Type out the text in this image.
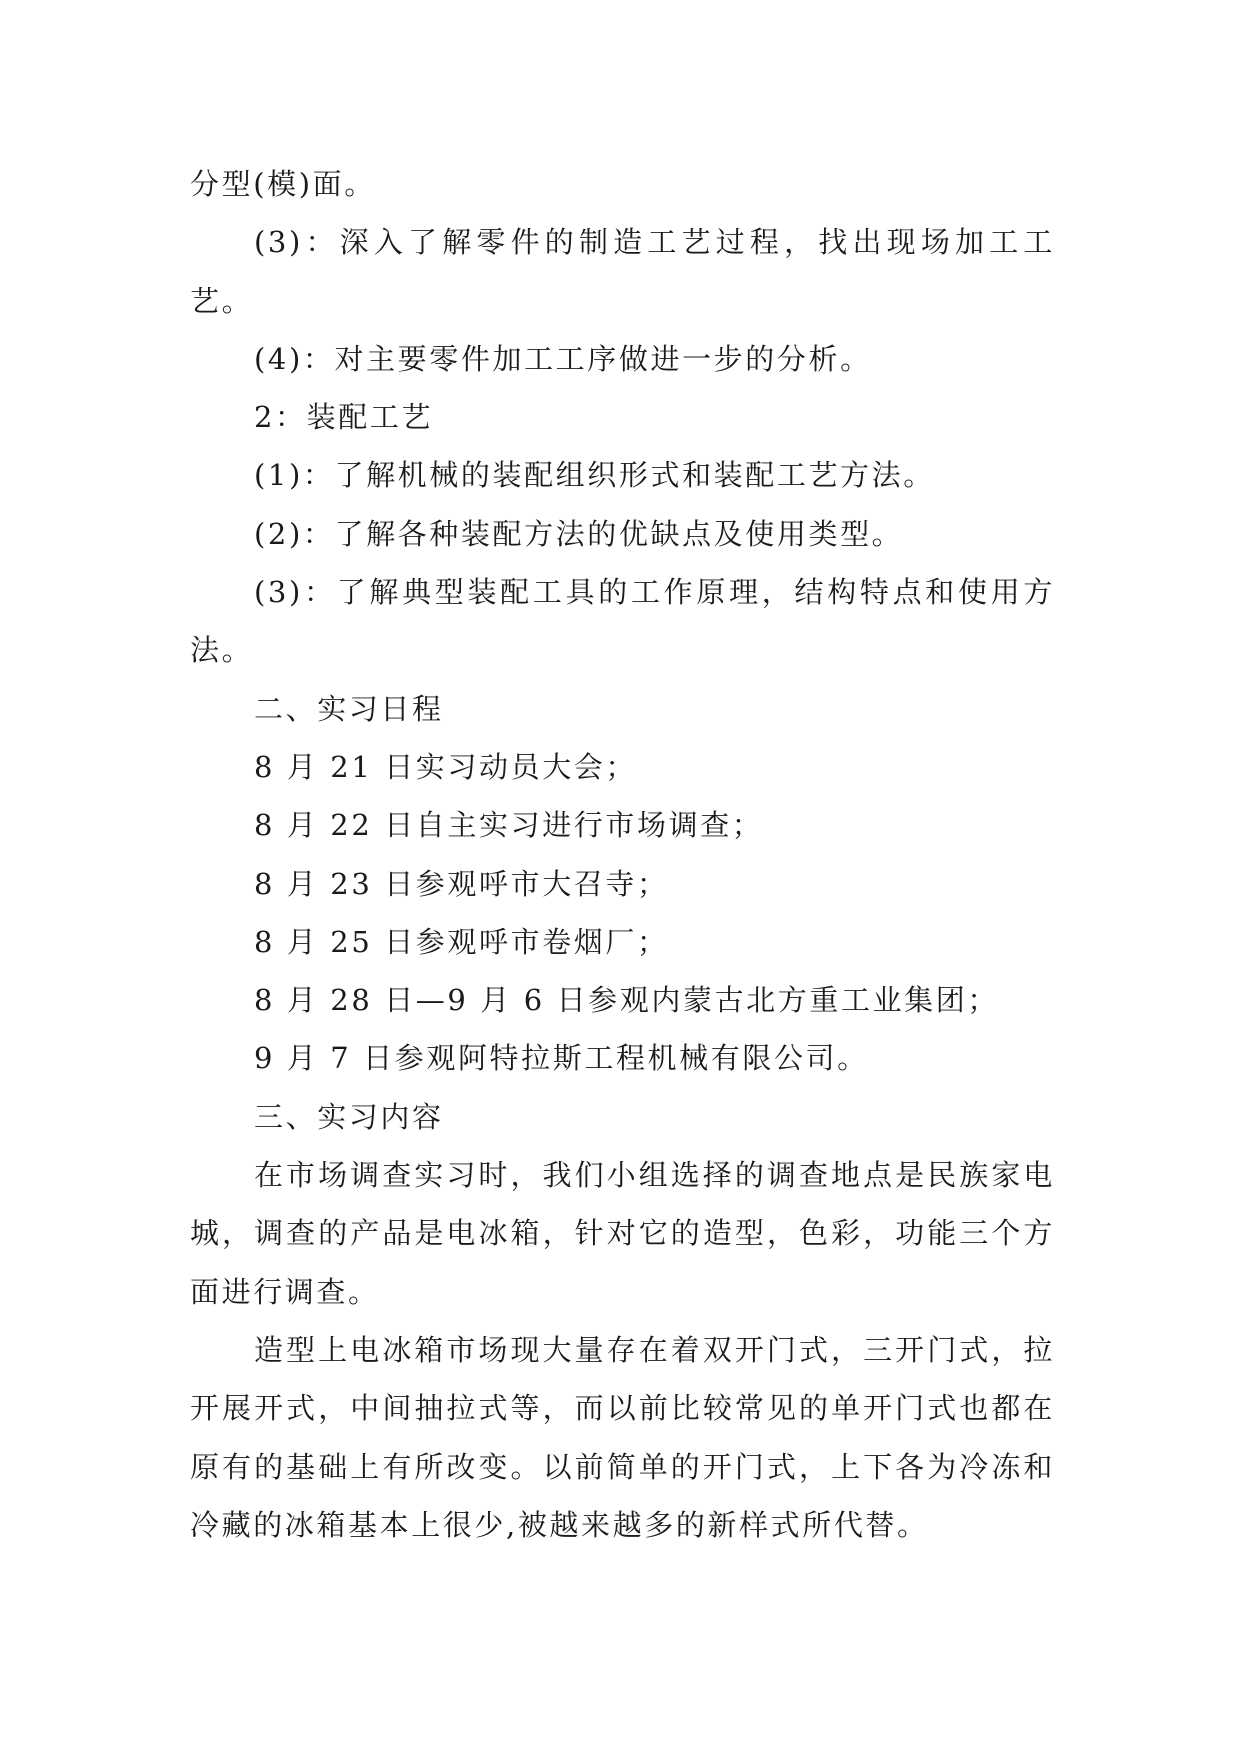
分型(模)面。

(3)：深入了解零件的制造工艺过程，找出现场加工工艺。

(4)：对主要零件加工工序做进一步的分析。

2：装配工艺

(1)：了解机械的装配组织形式和装配工艺方法。

(2)：了解各种装配方法的优缺点及使用类型。

(3)：了解典型装配工具的工作原理，结构特点和使用方法。

二、实习日程

8 月 21 日实习动员大会；

8 月 22 日自主实习进行市场调查；

8 月 23 日参观呼市大召寺；

8 月 25 日参观呼市卷烟厂；

8 月 28 日—9 月 6 日参观内蒙古北方重工业集团；

9 月 7 日参观阿特拉斯工程机械有限公司。

三、实习内容

在市场调查实习时，我们小组选择的调查地点是民族家电城，调查的产品是电冰箱，针对它的造型，色彩，功能三个方面进行调查。

造型上电冰箱市场现大量存在着双开门式，三开门式，拉开展开式，中间抽拉式等，而以前比较常见的单开门式也都在原有的基础上有所改变。以前简单的开门式，上下各为冷冻和冷藏的冰箱基本上很少,被越来越多的新样式所代替。
